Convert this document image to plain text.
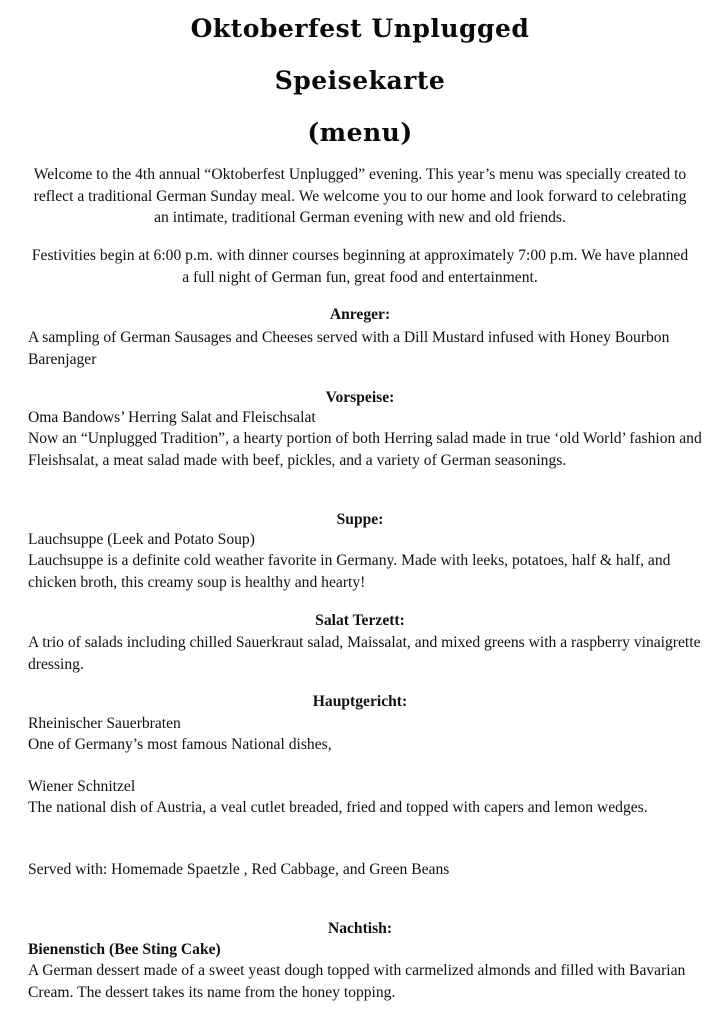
Oktoberfest Unplugged
Speisekarte
(menu)
Welcome to the 4th annual “Oktoberfest Unplugged” evening. This year’s menu was specially created to reflect a traditional German Sunday meal. We welcome you to our home and look forward to celebrating an intimate, traditional German evening with new and old friends.
Festivities begin at 6:00 p.m. with dinner courses beginning at approximately 7:00 p.m. We have planned a full night of German fun, great food and entertainment.
Anreger:
A sampling of German Sausages and Cheeses served with a Dill Mustard infused with Honey Bourbon Barenjager
Vorspeise:
Oma Bandows’ Herring Salat and Fleischsalat
Now an “Unplugged Tradition”, a hearty portion of both Herring salad made in true ‘old World’ fashion and Fleishsalat, a meat salad made with beef, pickles, and a variety of German seasonings.
Suppe:
Lauchsuppe (Leek and Potato Soup)
Lauchsuppe is a definite cold weather favorite in Germany. Made with leeks, potatoes, half & half, and chicken broth, this creamy soup is healthy and hearty!
Salat Terzett:
A trio of salads including chilled Sauerkraut salad, Maissalat, and mixed greens with a raspberry vinaigrette dressing.
Hauptgericht:
Rheinischer Sauerbraten
One of Germany’s most famous National dishes,
Wiener Schnitzel
The national dish of Austria, a veal cutlet breaded, fried and topped with capers and lemon wedges.
Served with: Homemade Spaetzle , Red Cabbage, and Green Beans
Nachtish:
Bienenstich (Bee Sting Cake)
A German dessert made of a sweet yeast dough topped with carmelized almonds and filled with Bavarian Cream. The dessert takes its name from the honey topping.
